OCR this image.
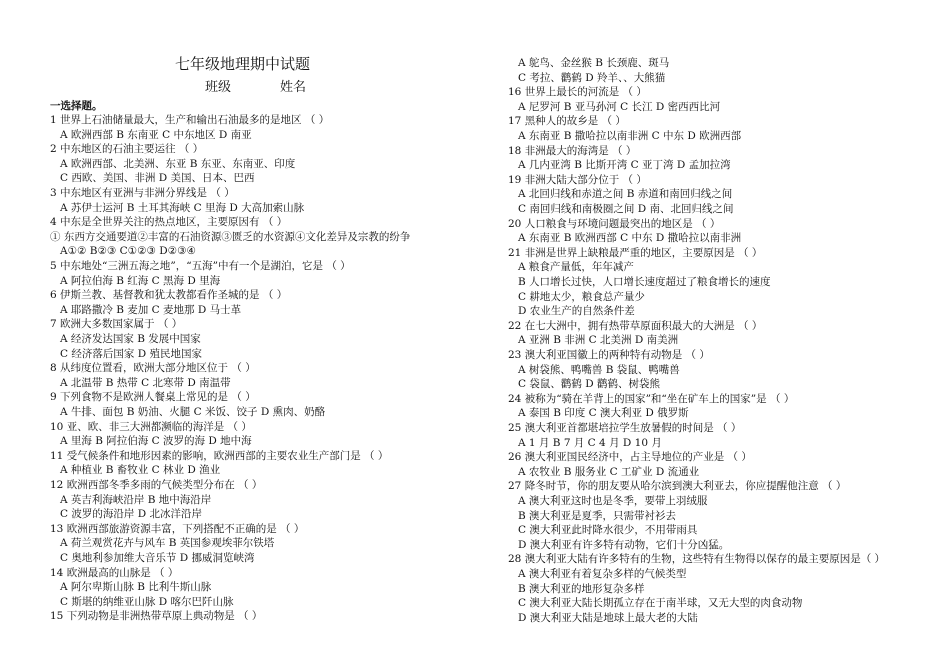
七年级地理期中试题
班级	姓名
一选择题。
1 世界上石油储量最大，生产和输出石油最多的是地区 （ ）
A 欧洲西部 B 东南亚 C 中东地区 D 南亚
2 中东地区的石油主要运往 （ ）
A 欧洲西部、北美洲、东亚 B 东亚、东南亚、印度
C 西欧、美国、非洲 D 美国、日本、巴西
3 中东地区有亚洲与非洲分界线是 （ ）
A 苏伊士运河 B 土耳其海峡 C 里海 D 大高加索山脉
4 中东是全世界关注的热点地区，主要原因有 （ ）
① 东西方交通要道②丰富的石油资源③匮乏的水资源④文化差异及宗教的纷争
A①② B②③ C①②③ D②③④
5 中东地处“三洲五海之地”，“五海”中有一个是湖泊，它是 （ ）
A 阿拉伯海 B 红海 C 黑海 D 里海
6 伊斯兰教、基督教和犹太教都看作圣城的是 （ ）
A 耶路撒冷 B 麦加 C 麦地那 D 马士革
7 欧洲大多数国家属于 （ ）
A 经济发达国家 B 发展中国家
C 经济落后国家 D 殖民地国家
8 从纬度位置看，欧洲大部分地区位于 （ ）
A 北温带 B 热带 C 北寒带 D 南温带
9 下列食物不是欧洲人餐桌上常见的是 （ ）
A 牛排、面包 B 奶油、火腿 C 米饭、饺子 D 熏肉、奶酪
10 亚、欧、非三大洲都濒临的海洋是 （ ）
A 里海 B 阿拉伯海 C 波罗的海 D 地中海
11 受气候条件和地形因素的影响，欧洲西部的主要农业生产部门是 （ ）
A 种植业 B 畜牧业 C 林业 D 渔业
12 欧洲西部冬季多雨的气候类型分布在 （ ）
A 英吉利海峡沿岸 B 地中海沿岸
C 波罗的海沿岸 D 北冰洋沿岸
13 欧洲西部旅游资源丰富，下列搭配不正确的是 （ ）
A 荷兰观赏花卉与风车 B 英国参观埃菲尔铁塔
C 奥地利参加维大音乐节 D 挪威洞览峡湾
14 欧洲最高的山脉是 （ ）
A 阿尔卑斯山脉 B 比利牛斯山脉
C 斯堪的纳维亚山脉 D 喀尔巴阡山脉
15 下列动物是非洲热带草原上典动物是 （ ）
A 鸵鸟、金丝猴 B 长颈鹿、斑马
C 考拉、鹳鹤 D 羚羊、、大熊猫
16 世界上最长的河流是 （ ）
A 尼罗河 B 亚马孙河 C 长江 D 密西西比河
17 黑种人的故乡是 （ ）
A 东南亚 B 撒哈拉以南非洲 C 中东 D 欧洲西部
18 非洲最大的海湾是 （ ）
A 几内亚湾 B 比斯开湾 C 亚丁湾 D 孟加拉湾
19 非洲大陆大部分位于 （ ）
A 北回归线和赤道之间 B 赤道和南回归线之间
C 南回归线和南极圈之间 D 南、北回归线之间
20 人口粮食与环境问题最突出的地区是 （ ）
A 东南亚 B 欧洲西部 C 中东 D 撒哈拉以南非洲
21 非洲是世界上缺粮最严重的地区，主要原因是 （ ）
A 粮食产量低，年年减产
B 人口增长过快，人口增长速度超过了粮食增长的速度
C 耕地太少，粮食总产量少
D 农业生产的自然条件差
22 在七大洲中，拥有热带草原面积最大的大洲是 （ ）
A 亚洲 B 非洲 C 北美洲 D 南美洲
23 澳大利亚国徽上的两种特有动物是 （ ）
A 树袋熊、鸭嘴兽 B 袋鼠、鸭嘴兽
C 袋鼠、鹳鹤 D 鹳鹤、树袋熊
24 被称为“骑在羊背上的国家”和“坐在矿车上的国家”是 （ ）
A 泰国 B 印度 C 澳大利亚 D 俄罗斯
25 澳大利亚首都堪培拉学生放暑假的时间是 （ ）
A 1 月 B 7 月 C 4 月 D 10 月
26 澳大利亚国民经济中，占主导地位的产业是 （ ）
A 农牧业 B 服务业 C 工矿业 D 流通业
27 降冬时节，你的朋友要从哈尔滨到澳大利亚去，你应提醒他注意 （ ）
A 澳大利亚这时也是冬季，要带上羽绒服
B 澳大利亚是夏季，只需带衬衫去
C 澳大利亚此时降水很少，不用带雨具
D 澳大利亚有许多特有动物，它们十分凶猛。
28 澳大利亚大陆有许多特有的生物，这些特有生物得以保存的最主要原因是（ ）
A 澳大利亚有着复杂多样的气候类型
B 澳大利亚的地形复杂多样
C 澳大利亚大陆长期孤立存在于南半球，又无大型的肉食动物
D 澳大利亚大陆是地球上最大老的大陆
